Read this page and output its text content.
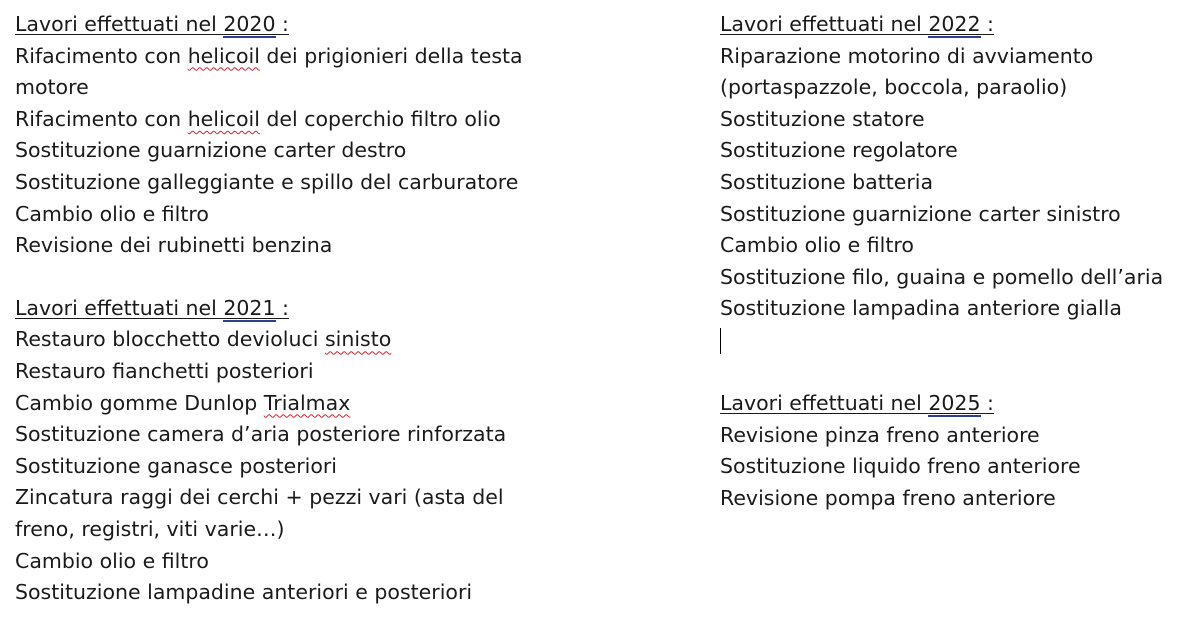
Lavori effettuati nel 2020 :
Rifacimento con helicoil dei prigionieri della testa
motore
Rifacimento con helicoil del coperchio filtro olio
Sostituzione guarnizione carter destro
Sostituzione galleggiante e spillo del carburatore
Cambio olio e filtro
Revisione dei rubinetti benzina
Lavori effettuati nel 2021 :
Restauro blocchetto devioluci sinisto
Restauro fianchetti posteriori
Cambio gomme Dunlop Trialmax
Sostituzione camera d’aria posteriore rinforzata
Sostituzione ganasce posteriori
Zincatura raggi dei cerchi + pezzi vari (asta del
freno, registri, viti varie…)
Cambio olio e filtro
Sostituzione lampadine anteriori e posteriori
Lavori effettuati nel 2022 :
Riparazione motorino di avviamento
(portaspazzole, boccola, paraolio)
Sostituzione statore
Sostituzione regolatore
Sostituzione batteria
Sostituzione guarnizione carter sinistro
Cambio olio e filtro
Sostituzione filo, guaina e pomello dell’aria
Sostituzione lampadina anteriore gialla
Lavori effettuati nel 2025 :
Revisione pinza freno anteriore
Sostituzione liquido freno anteriore
Revisione pompa freno anteriore
